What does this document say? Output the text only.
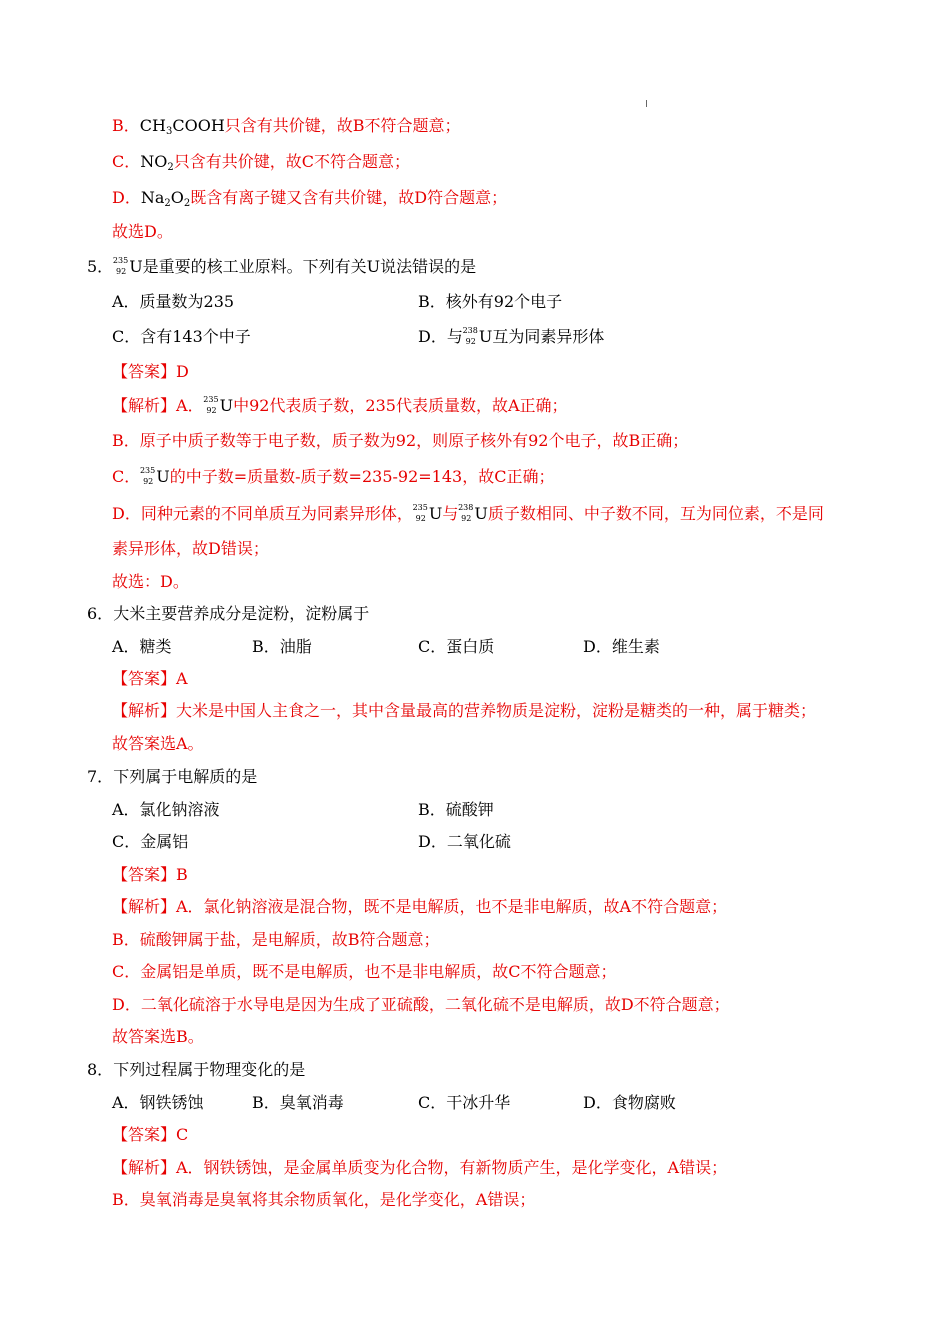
B．$CH_3COOH$只含有共价键，故B不符合题意；
C．$NO_2$只含有共价键，故C不符合题意；
D．$Na_2O_2$既含有离子键又含有共价键，故D符合题意；
故选D。
5． 235
92 U是重要的核工业原料。下列有关U说法错误的是
A．质量数为235	B．核外有92个电子
C．含有143个中子	D．与 238
92 U互为同素异形体
【答案】D
【解析】A． 235
92 U中92代表质子数，235代表质量数，故A正确；
B．原子中质子数等于电子数，质子数为92，则原子核外有92个电子，故B正确；
C． 235
92 U的中子数=质量数-质子数=235-92=143，故C正确；
D．同种元素的不同单质互为同素异形体， 235
92 U与 238
92 U质子数相同、中子数不同，互为同位素，不是同
素异形体，故D错误；
故选：D。
6．大米主要营养成分是淀粉，淀粉属于
A．糖类	B．油脂	C．蛋白质	D．维生素
【答案】A
【解析】大米是中国人主食之一，其中含量最高的营养物质是淀粉，淀粉是糖类的一种，属于糖类；
故答案选A。
7．下列属于电解质的是
A．氯化钠溶液	B．硫酸钾
C．金属铝	D．二氧化硫
【答案】B
【解析】A．氯化钠溶液是混合物，既不是电解质，也不是非电解质，故A不符合题意；
B．硫酸钾属于盐，是电解质，故B符合题意；
C．金属铝是单质，既不是电解质，也不是非电解质，故C不符合题意；
D．二氧化硫溶于水导电是因为生成了亚硫酸，二氧化硫不是电解质，故D不符合题意；
故答案选B。
8．下列过程属于物理变化的是
A．钢铁锈蚀	B．臭氧消毒	C．干冰升华	D．食物腐败
【答案】C
【解析】A．钢铁锈蚀，是金属单质变为化合物，有新物质产生，是化学变化，A错误；
B．臭氧消毒是臭氧将其余物质氧化，是化学变化，A错误；
